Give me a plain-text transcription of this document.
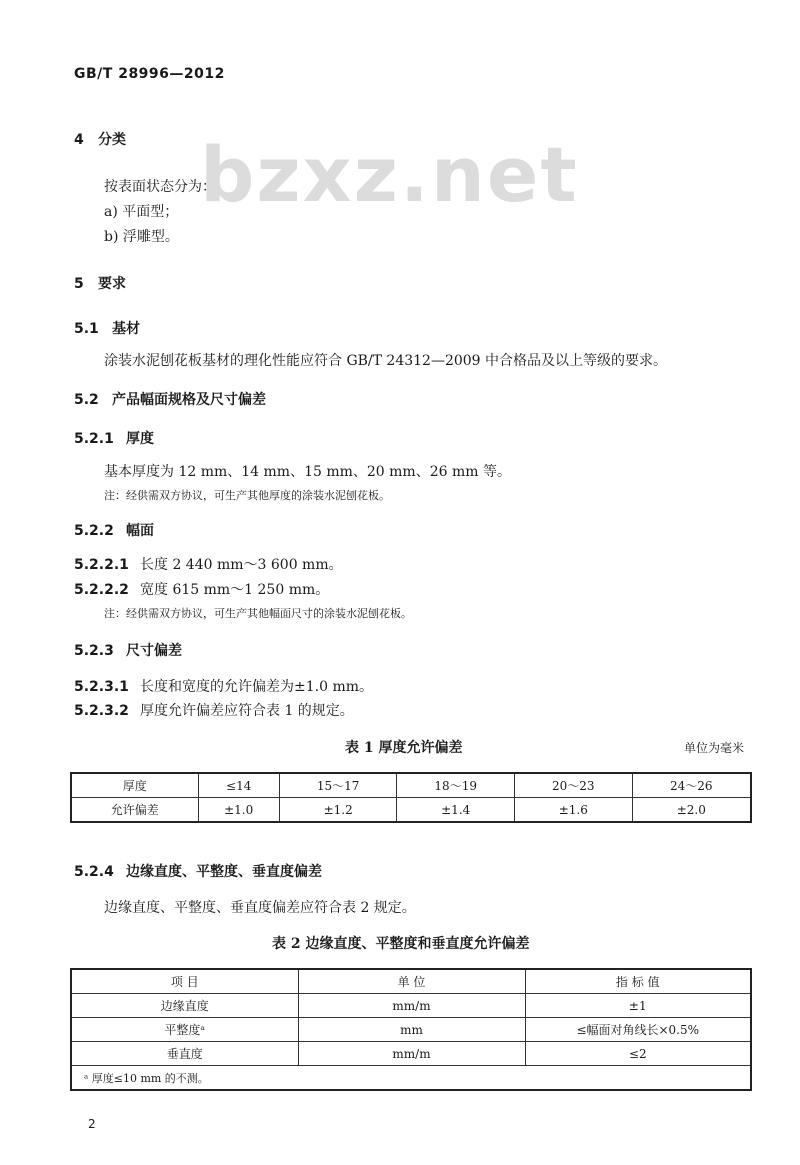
GB/T 28996—2012
bzxz.net
4 分类
按表面状态分为：
a) 平面型；
b) 浮雕型。
5 要求
5.1 基材
涂装水泥刨花板基材的理化性能应符合 GB/T 24312—2009 中合格品及以上等级的要求。
5.2 产品幅面规格及尺寸偏差
5.2.1 厚度
基本厚度为 12 mm、14 mm、15 mm、20 mm、26 mm 等。
注：经供需双方协议，可生产其他厚度的涂装水泥刨花板。
5.2.2 幅面
5.2.2.1 长度 2 440 mm～3 600 mm。
5.2.2.2 宽度 615 mm～1 250 mm。
注：经供需双方协议，可生产其他幅面尺寸的涂装水泥刨花板。
5.2.3 尺寸偏差
5.2.3.1 长度和宽度的允许偏差为±1.0 mm。
5.2.3.2 厚度允许偏差应符合表 1 的规定。
表 1 厚度允许偏差	单位为毫米
厚度	≤14	15～17	18～19	20～23	24～26
允许偏差	±1.0	±1.2	±1.4	±1.6	±2.0
5.2.4 边缘直度、平整度、垂直度偏差
边缘直度、平整度、垂直度偏差应符合表 2 规定。
表 2 边缘直度、平整度和垂直度允许偏差
项 目	单 位	指 标 值
边缘直度	mm/m	±1
平整度ᵃ	mm	≤幅面对角线长×0.5%
垂直度	mm/m	≤2
ᵃ 厚度≤10 mm 的不测。		
2
